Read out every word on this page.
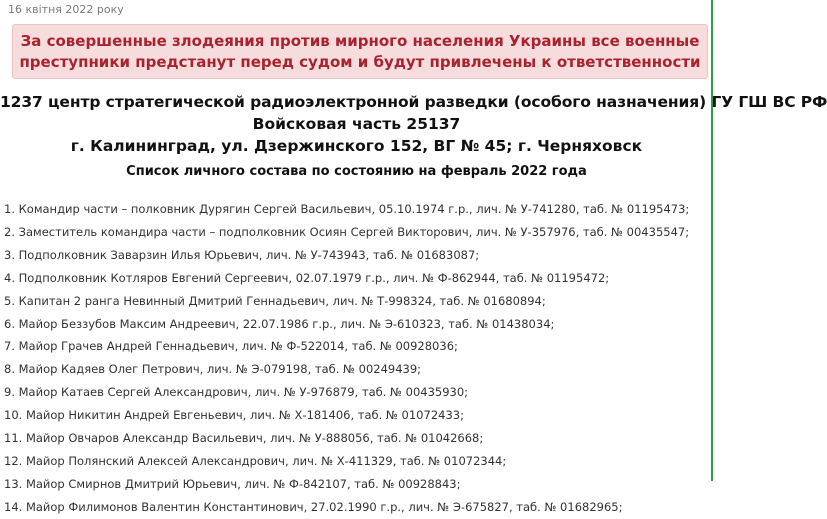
16 квітня 2022 року
За совершенные злодеяния против мирного населения Украины все военные
преступники предстанут перед судом и будут привлечены к ответственности
1237 центр стратегической радиоэлектронной разведки (особого назначения) ГУ ГШ ВС РФ
Войсковая часть 25137
г. Калининград, ул. Дзержинского 152, ВГ № 45; г. Черняховск
Список личного состава по состоянию на февраль 2022 года
1. Командир части – полковник Дурягин Сергей Васильевич, 05.10.1974 г.р., лич. № У-741280, таб. № 01195473;
2. Заместитель командира части – подполковник Осиян Сергей Викторович, лич. № У-357976, таб. № 00435547;
3. Подполковник Заварзин Илья Юрьевич, лич. № У-743943, таб. № 01683087;
4. Подполковник Котляров Евгений Сергеевич, 02.07.1979 г.р., лич. № Ф-862944, таб. № 01195472;
5. Капитан 2 ранга Невинный Дмитрий Геннадьевич, лич. № Т-998324, таб. № 01680894;
6. Майор Беззубов Максим Андреевич, 22.07.1986 г.р., лич. № Э-610323, таб. № 01438034;
7. Майор Грачев Андрей Геннадьевич, лич. № Ф-522014, таб. № 00928036;
8. Майор Кадяев Олег Петрович, лич. № Э-079198, таб. № 00249439;
9. Майор Катаев Сергей Александрович, лич. № У-976879, таб. № 00435930;
10. Майор Никитин Андрей Евгеньевич, лич. № Х-181406, таб. № 01072433;
11. Майор Овчаров Александр Васильевич, лич. № У-888056, таб. № 01042668;
12. Майор Полянский Алексей Александрович, лич. № Х-411329, таб. № 01072344;
13. Майор Смирнов Дмитрий Юрьевич, лич. № Ф-842107, таб. № 00928843;
14. Майор Филимонов Валентин Константинович, 27.02.1990 г.р., лич. № Э-675827, таб. № 01682965;
